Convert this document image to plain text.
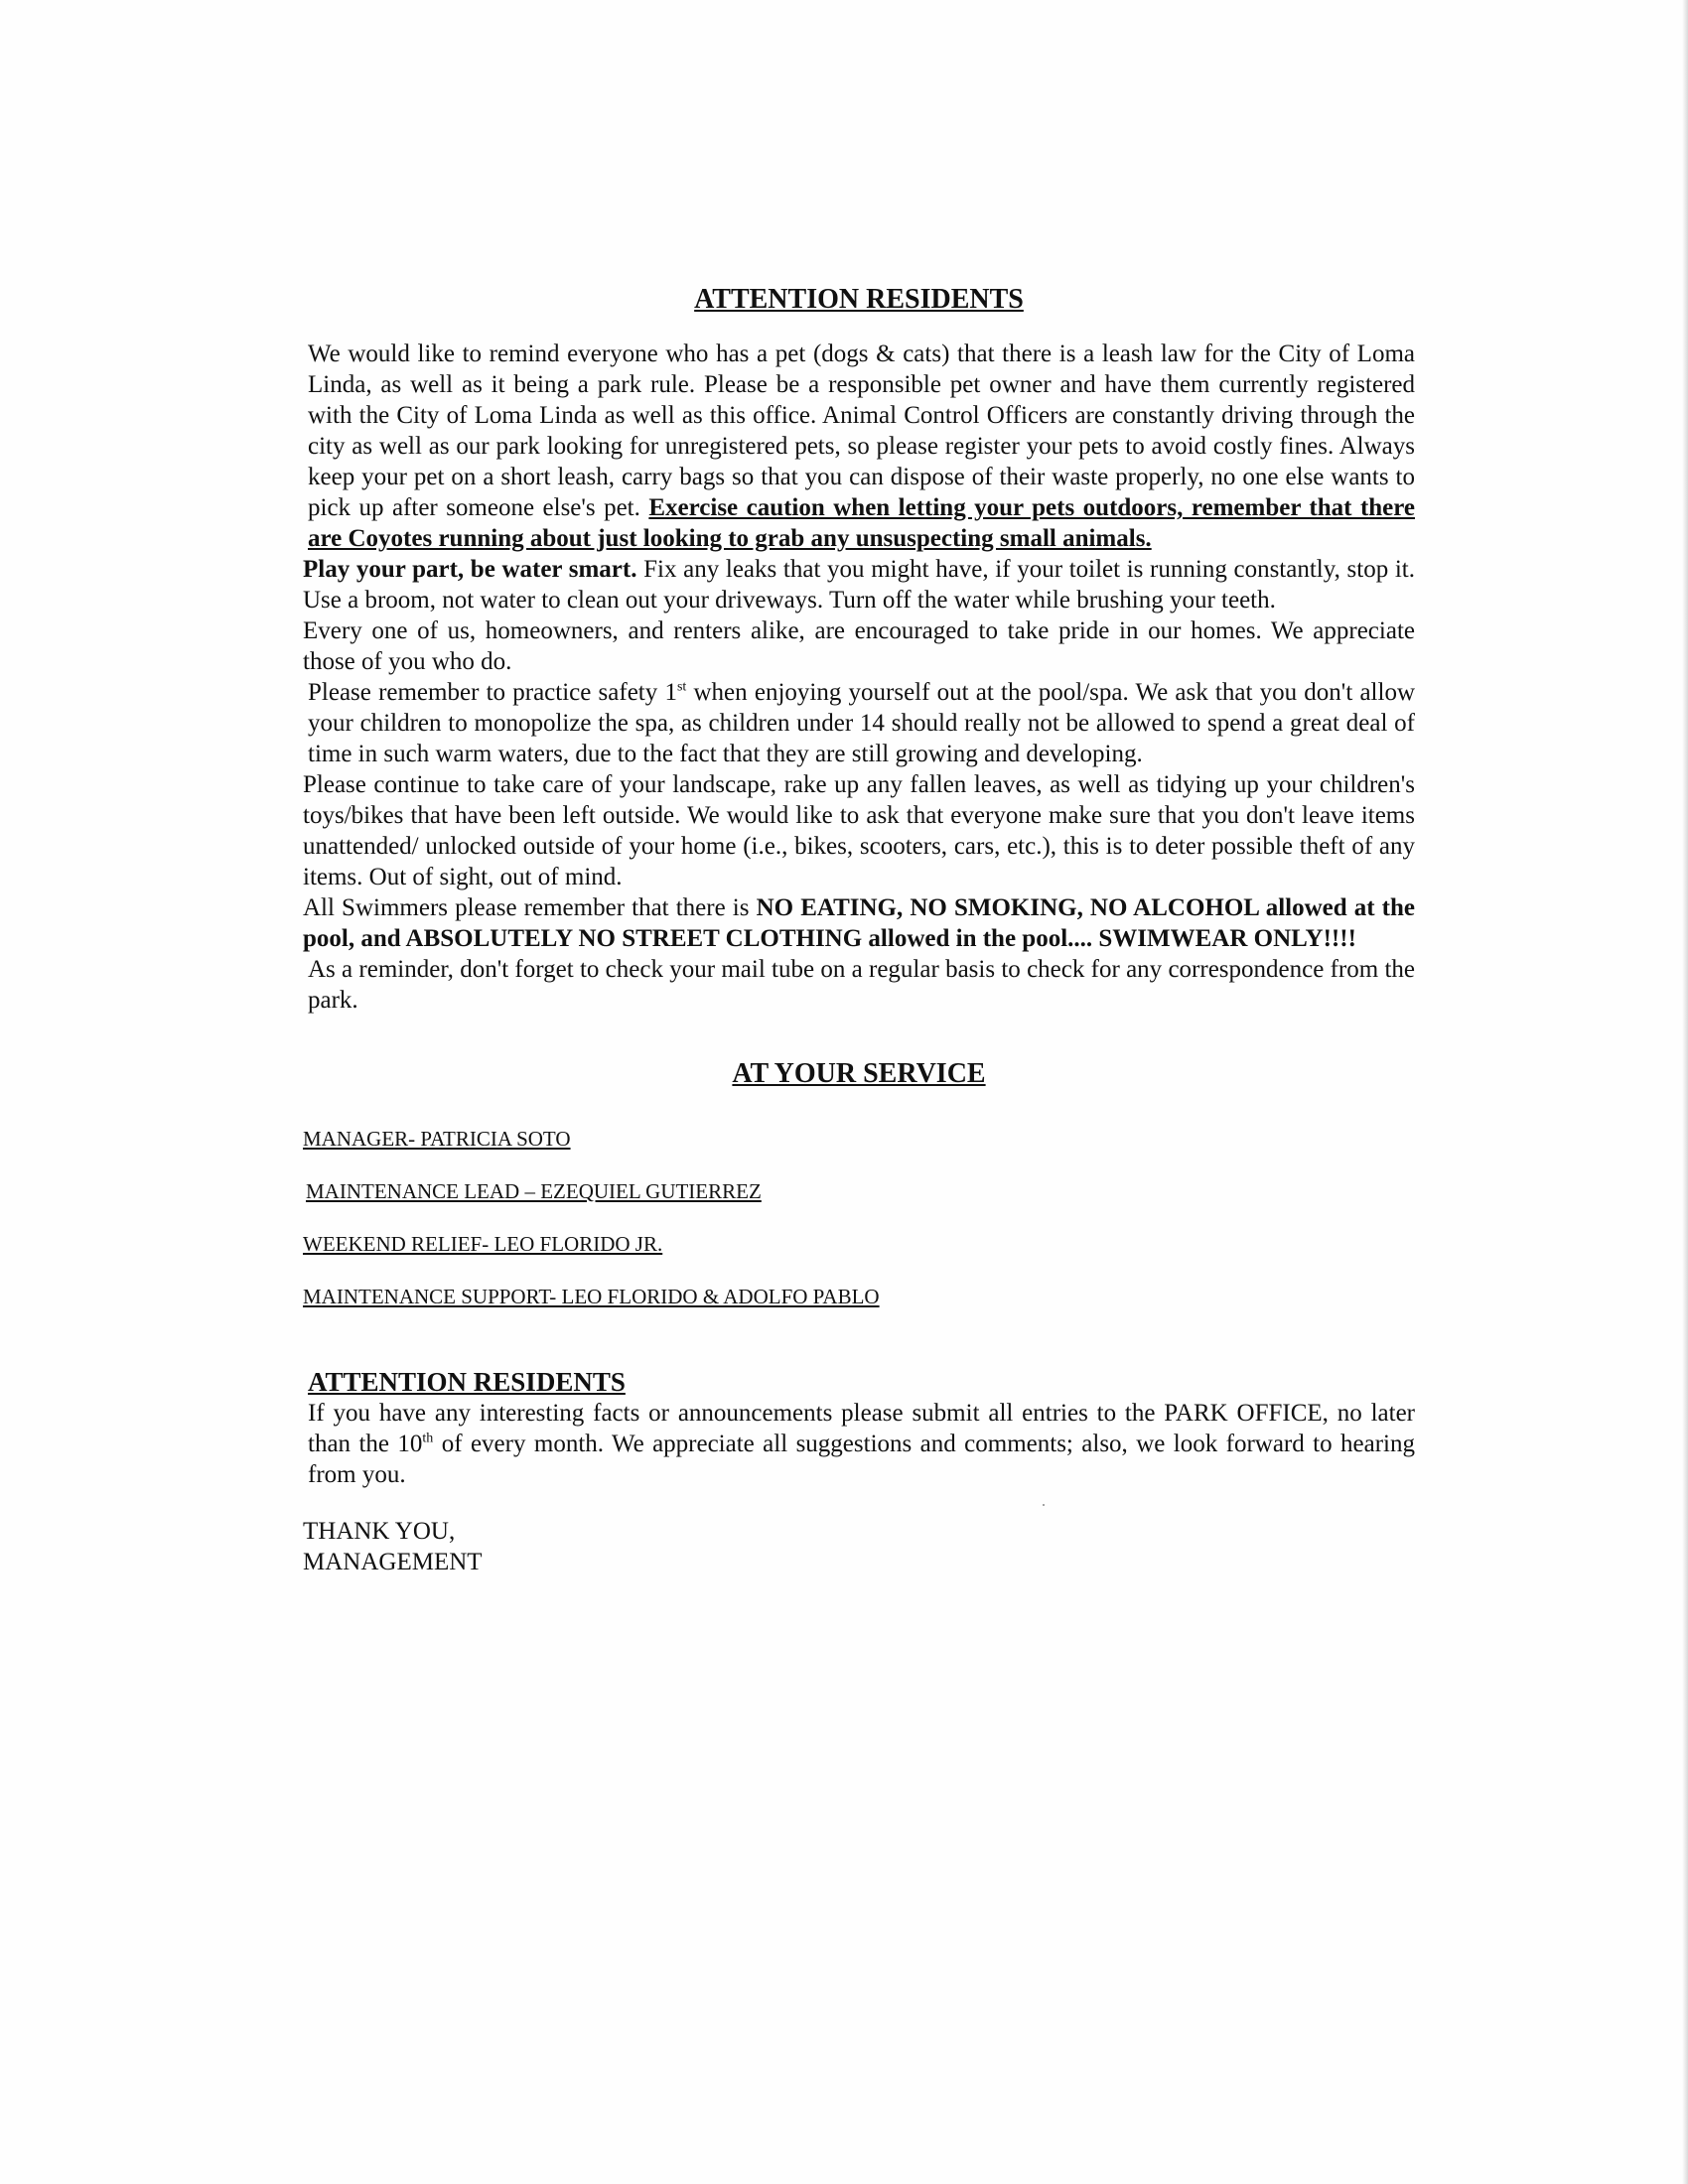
ATTENTION RESIDENTS

We would like to remind everyone who has a pet (dogs & cats) that there is a leash law for the City of Loma Linda, as well as it being a park rule. Please be a responsible pet owner and have them currently registered with the City of Loma Linda as well as this office. Animal Control Officers are constantly driving through the city as well as our park looking for unregistered pets, so please register your pets to avoid costly fines. Always keep your pet on a short leash, carry bags so that you can dispose of their waste properly, no one else wants to pick up after someone else's pet. Exercise caution when letting your pets outdoors, remember that there are Coyotes running about just looking to grab any unsuspecting small animals.

Play your part, be water smart. Fix any leaks that you might have, if your toilet is running constantly, stop it. Use a broom, not water to clean out your driveways. Turn off the water while brushing your teeth.

Every one of us, homeowners, and renters alike, are encouraged to take pride in our homes. We appreciate those of you who do.

Please remember to practice safety 1st when enjoying yourself out at the pool/spa. We ask that you don't allow your children to monopolize the spa, as children under 14 should really not be allowed to spend a great deal of time in such warm waters, due to the fact that they are still growing and developing.

Please continue to take care of your landscape, rake up any fallen leaves, as well as tidying up your children's toys/bikes that have been left outside. We would like to ask that everyone make sure that you don't leave items unattended/ unlocked outside of your home (i.e., bikes, scooters, cars, etc.), this is to deter possible theft of any items. Out of sight, out of mind.

All Swimmers please remember that there is NO EATING, NO SMOKING, NO ALCOHOL allowed at the pool, and ABSOLUTELY NO STREET CLOTHING allowed in the pool.... SWIMWEAR ONLY!!!!

As a reminder, don't forget to check your mail tube on a regular basis to check for any correspondence from the park.

AT YOUR SERVICE

MANAGER- PATRICIA SOTO

MAINTENANCE LEAD – EZEQUIEL GUTIERREZ

WEEKEND RELIEF- LEO FLORIDO JR.

MAINTENANCE SUPPORT- LEO FLORIDO & ADOLFO PABLO

ATTENTION RESIDENTS

If you have any interesting facts or announcements please submit all entries to the PARK OFFICE, no later than the 10th of every month. We appreciate all suggestions and comments; also, we look forward to hearing from you.

THANK YOU,
MANAGEMENT
